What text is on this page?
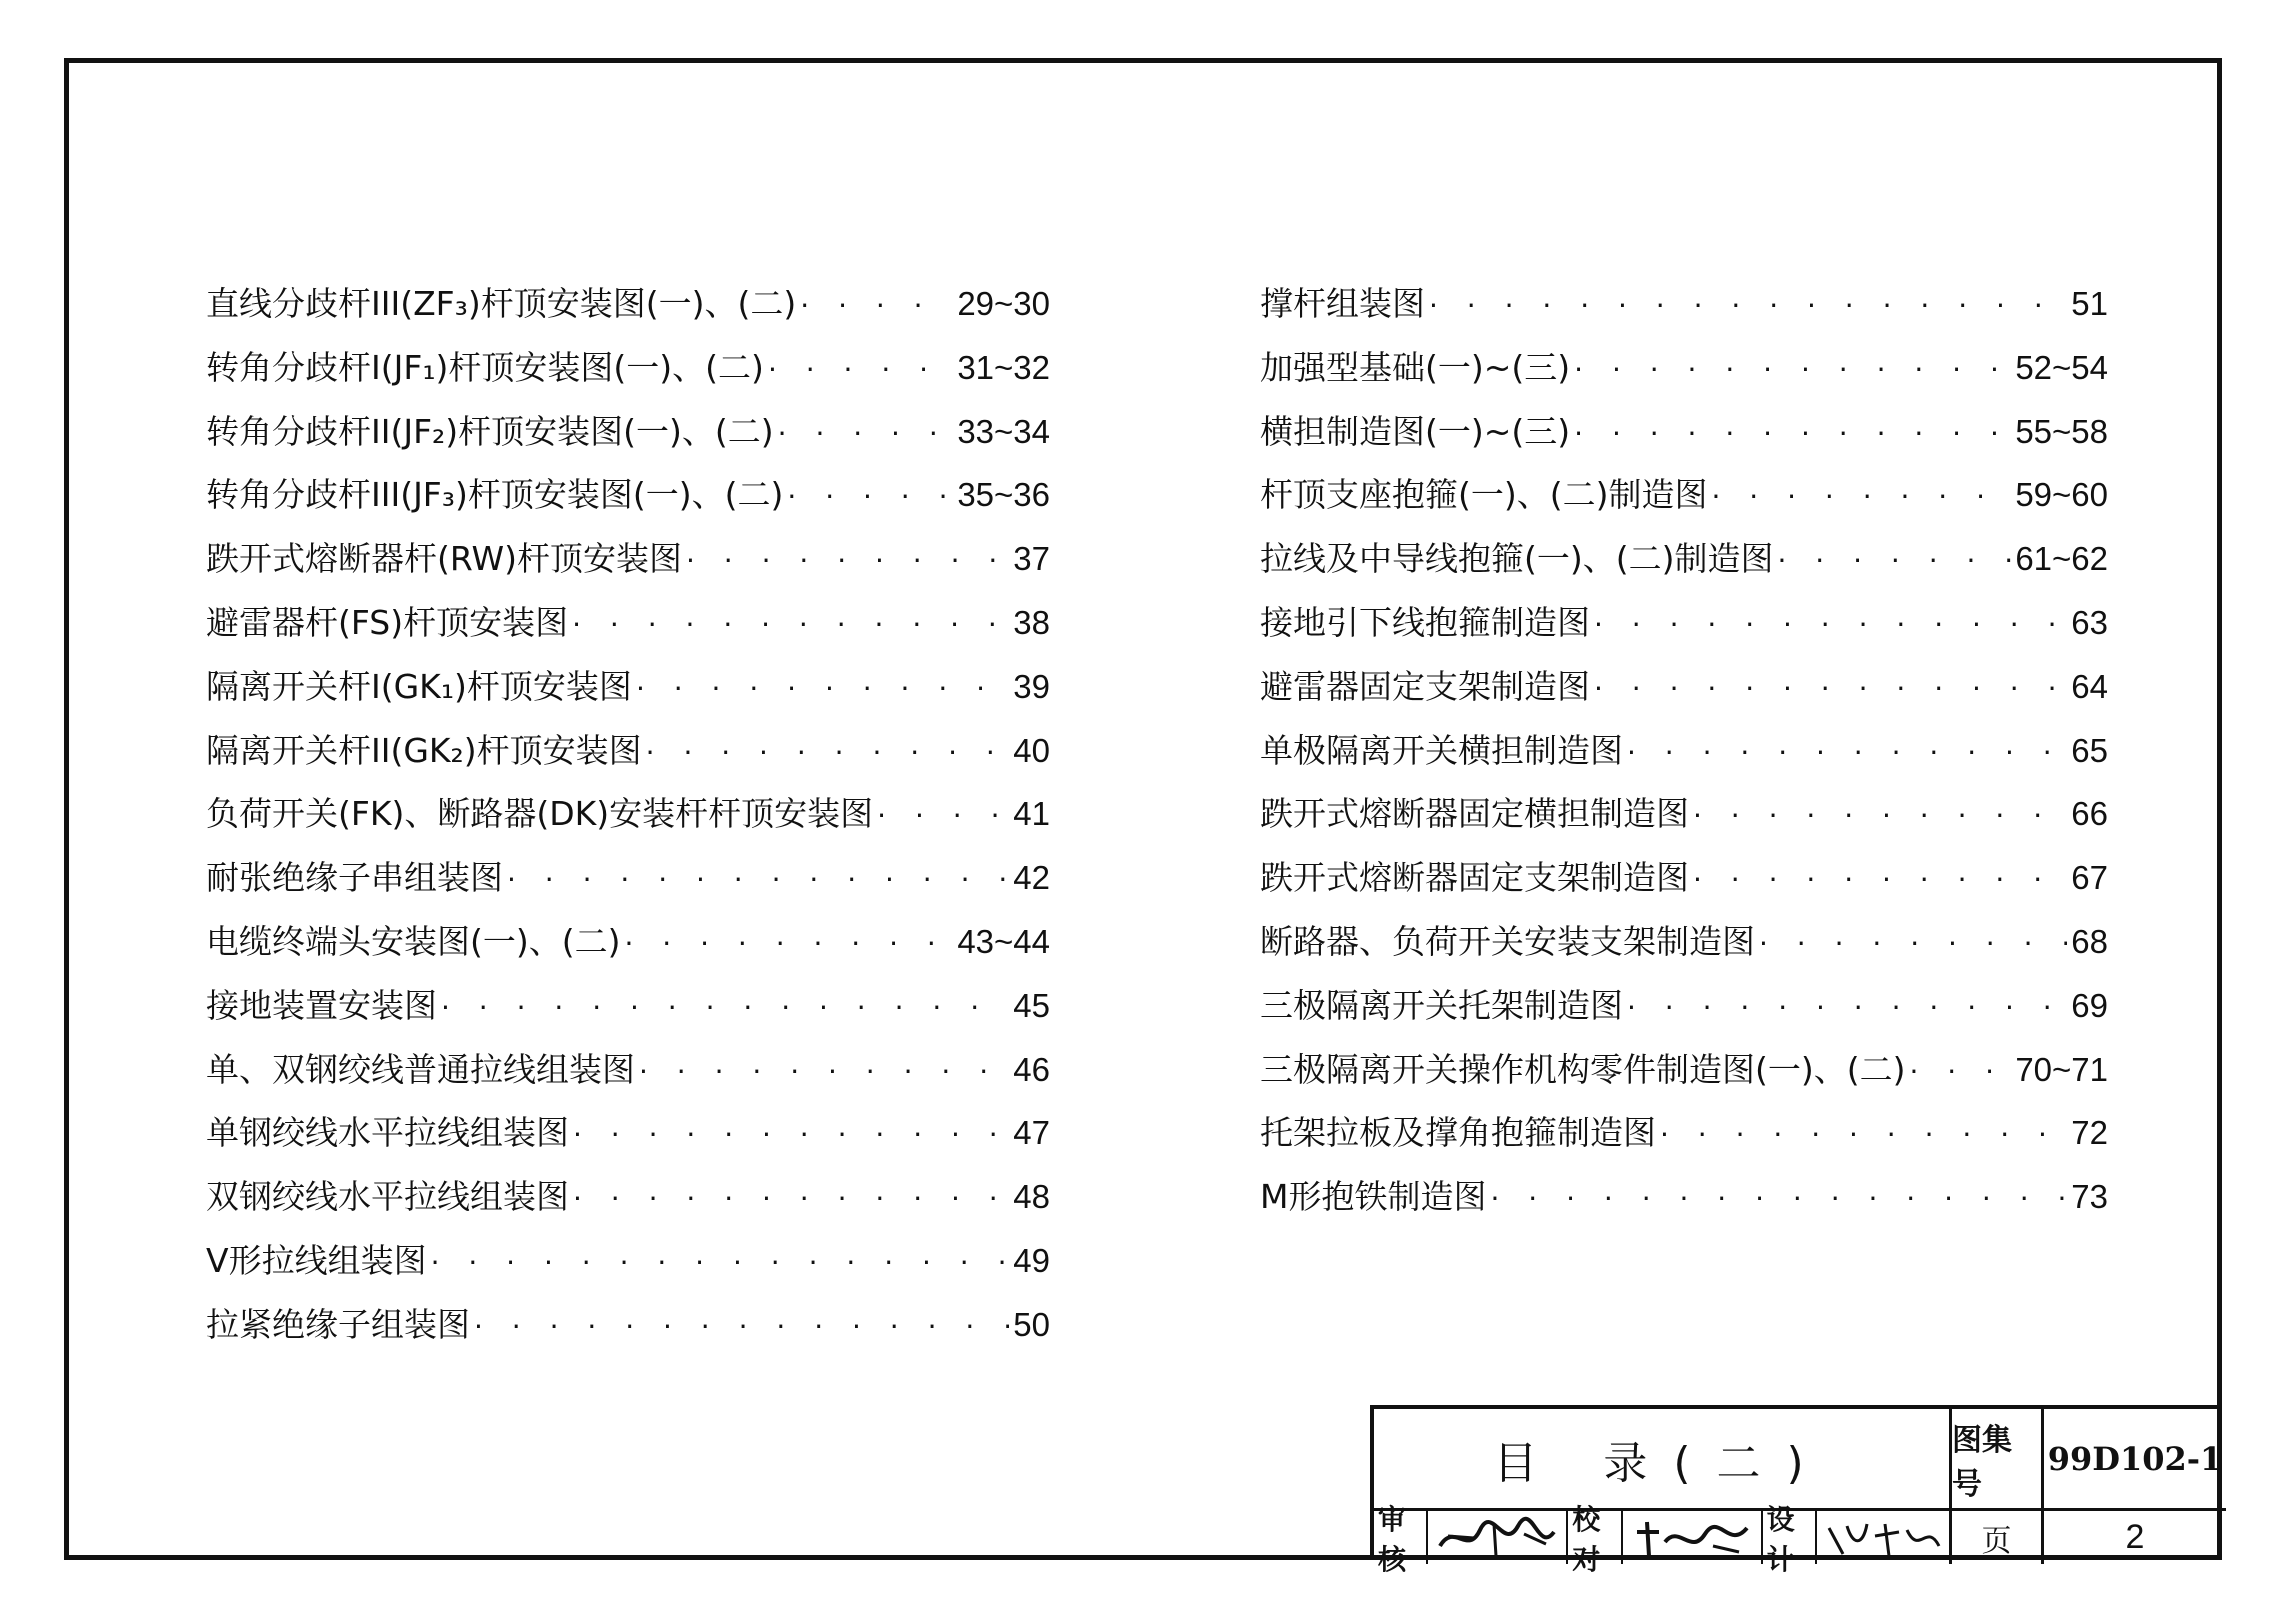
直线分歧杆III(ZF₃)杆顶安装图(一)、(二) · · ·	29~30
转角分歧杆I(JF₁)杆顶安装图(一)、(二) · · ·	31~32
转角分歧杆II(JF₂)杆顶安装图(一)、(二) · · ·	33~34
转角分歧杆III(JF₃)杆顶安装图(一)、(二) · · ·	35~36
跌开式熔断器杆(RW)杆顶安装图 · · ·	37
避雷器杆(FS)杆顶安装图 · · ·	38
隔离开关杆I(GK₁)杆顶安装图 · · ·	39
隔离开关杆II(GK₂)杆顶安装图 · · ·	40
负荷开关(FK)、断路器(DK)安装杆杆顶安装图 · · ·	41
耐张绝缘子串组装图 · · ·	42
电缆终端头安装图(一)、(二) · · ·	43~44
接地装置安装图 · · ·	45
单、双钢绞线普通拉线组装图 · · ·	46
单钢绞线水平拉线组装图 · · ·	47
双钢绞线水平拉线组装图 · · ·	48
V形拉线组装图 · · ·	49
拉紧绝缘子组装图 · · ·	50
撑杆组装图 · · ·	51
加强型基础(一)~(三) · · ·	52~54
横担制造图(一)~(三) · · ·	55~58
杆顶支座抱箍(一)、(二)制造图 · · ·	59~60
拉线及中导线抱箍(一)、(二)制造图 · · ·	61~62
接地引下线抱箍制造图 · · ·	63
避雷器固定支架制造图 · · ·	64
单极隔离开关横担制造图 · · ·	65
跌开式熔断器固定横担制造图 · · ·	66
跌开式熔断器固定支架制造图 · · ·	67
断路器、负荷开关安装支架制造图 · · ·	68
三极隔离开关托架制造图 · · ·	69
三极隔离开关操作机构零件制造图(一)、(二) · · ·	70~71
托架拉板及撑角抱箍制造图 · · ·	72
M形抱铁制造图 · · ·	73
目 录(二)	图集号
99D102-1
审核
校对
设计
页	2
